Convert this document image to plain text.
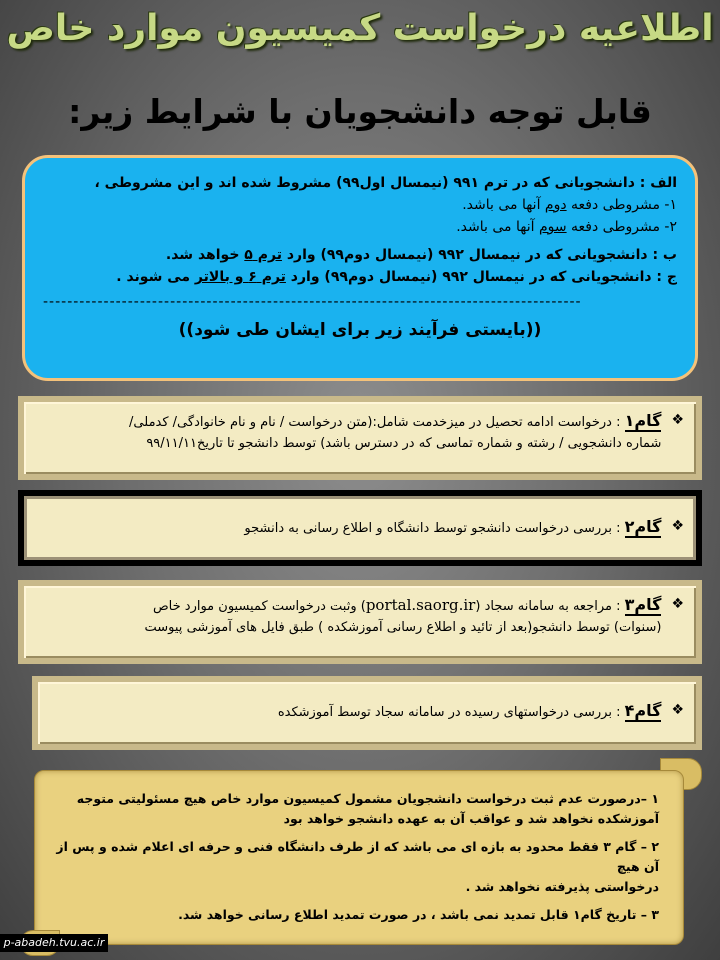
اطلاعیه درخواست کمیسیون موارد خاص
قابل توجه دانشجویان با شرایط زیر:
الف : دانشجویانی که در ترم ۹۹۱ (نیمسال اول۹۹) مشروط شده اند و این مشروطی ،
۱- مشروطی دفعه دوم آنها می باشد.
۲- مشروطی دفعه سوم آنها می باشد.
ب : دانشجویانی که در نیمسال ۹۹۲ (نیمسال دوم۹۹) وارد ترم ۵ خواهد شد.
ج : دانشجویانی که در نیمسال ۹۹۲ (نیمسال دوم۹۹) وارد ترم ۶ و بالاتر می شوند .
-----------------------------------------------------------------------------------------
((بایستی فرآیند زیر برای ایشان طی شود))
❖
گام۱ : درخواست ادامه تحصیل در میزخدمت شامل:(متن درخواست / نام و نام خانوادگی/ کدملی/
شماره دانشجویی / رشته و شماره تماسی که در دسترس باشد) توسط دانشجو تا تاریخ۹۹/۱۱/۱۱
❖
گام۲ : بررسی درخواست دانشجو توسط دانشگاه و اطلاع رسانی به دانشجو
❖
گام۳ : مراجعه به سامانه سجاد (portal.saorg.ir) وثبت درخواست کمیسیون موارد خاص
(سنوات) توسط دانشجو(بعد از تائید و اطلاع رسانی آموزشکده ) طبق فایل های آموزشی پیوست
❖
گام۴ : بررسی درخواستهای رسیده در سامانه سجاد توسط آموزشکده

۱ –درصورت عدم ثبت درخواست دانشجویان مشمول کمیسیون موارد خاص هیچ مسئولیتی متوجه
آموزشکده نخواهد شد و عواقب آن به عهده دانشجو خواهد بود

۲ – گام ۳ فقط محدود به بازه ای می باشد که از طرف دانشگاه فنی و حرفه ای اعلام شده و پس از آن هیچ
درخواستی پذیرفته نخواهد شد .

۳ – تاریخ گام۱ قابل تمدید نمی باشد ، در صورت تمدید اطلاع رسانی خواهد شد.

p-abadeh.tvu.ac.ir
